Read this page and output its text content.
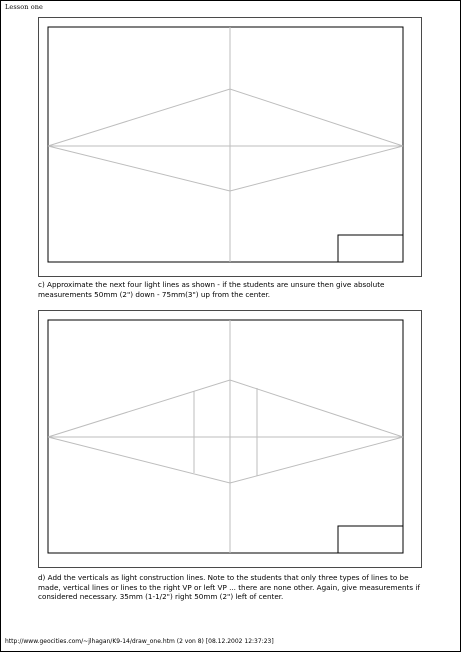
Lesson one
c) Approximate the next four light lines as shown - if the students are unsure then give absolute measurements 50mm (2") down - 75mm(3") up from the center.
d) Add the verticals as light construction lines. Note to the students that only three types of lines to be made, vertical lines or lines to the right VP or left VP ... there are none other. Again, give measurements if considered necessary. 35mm (1-1/2") right 50mm (2") left of center.
http://www.geocities.com/~jlhagan/K9-14/draw_one.htm (2 von 8) [08.12.2002 12:37:23]
